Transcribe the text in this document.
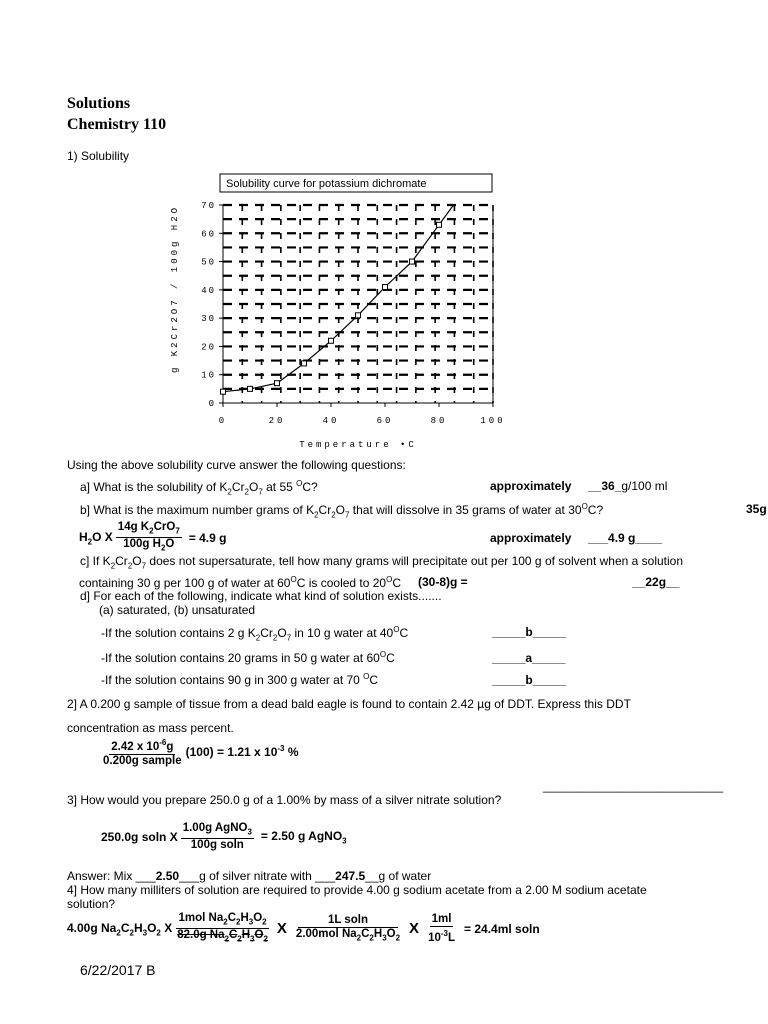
Solutions
Chemistry 110
1) Solubility
Solubility curve for potassium dichromate
0
10
20
30
40
50
60
70
0	20	40	60	80	100
Temperature •C
g K2Cr2O7 / 100g H2O
Using the above solubility curve answer the following questions:
a] What is the solubility of $K_2Cr_2O_7$ at 55 $^O$C?	approximately __36_g/100 ml
b] What is the maximum number grams of $K_2Cr_2O_7$ that will dissolve in 35 grams of water at $30^OC$?	35g
$H_2O$ X $\frac{14g K_2CrO_7}{100g H_2O} = 4.9$ g	approximately ___4.9 g____
c] If $K_2Cr_2O_7$ does not supersaturate, tell how many grams will precipitate out per 100 g of solvent when a solution
containing 30 g per 100 g of water at $60^OC$ is cooled to $20^OC$ (30-8)g =	__22g__
d] For each of the following, indicate what kind of solution exists.......
(a) saturated, (b) unsaturated
-If the solution contains 2 g $K_2Cr_2O_7$ in 10 g water at $40^OC$	_____b_____
-If the solution contains 20 grams in 50 g water at $60^OC$	_____a_____
-If the solution contains 90 g in 300 g water at 70 $^O$C	_____b_____
2] A 0.200 g sample of tissue from a dead bald eagle is found to contain 2.42 µg of DDT. Express this DDT
concentration as mass percent.
$\frac{2.42 x 10^{-6}g}{\text{0.200g sample}} (100) = 1.21$ x $10^{-3}$ %
___________________________
3] How would you prepare 250.0 g of a 1.00% by mass of a silver nitrate solution?
250.0g soln X $\frac{1.00g AgNO_3}{\text{100g soln}} = 2.50$ g AgNO$_3$
Answer: Mix ___2.50___g of silver nitrate with ___247.5__g of water
4] How many milliters of solution are required to provide 4.00 g sodium acetate from a 2.00 M sodium acetate
solution?
4.00g $Na_2C_2H_3O_2$ X $\frac{1mol Na_2C_2H_3O_2}{82.0g Na_2C_2H_3O_2}$ X $\frac{\text{1L soln}}{2.00mol Na_2C_2H_3O_2}$ X $\frac{1ml}{10^{-3}L} = 24.4ml$ soln
6/22/2017 B
